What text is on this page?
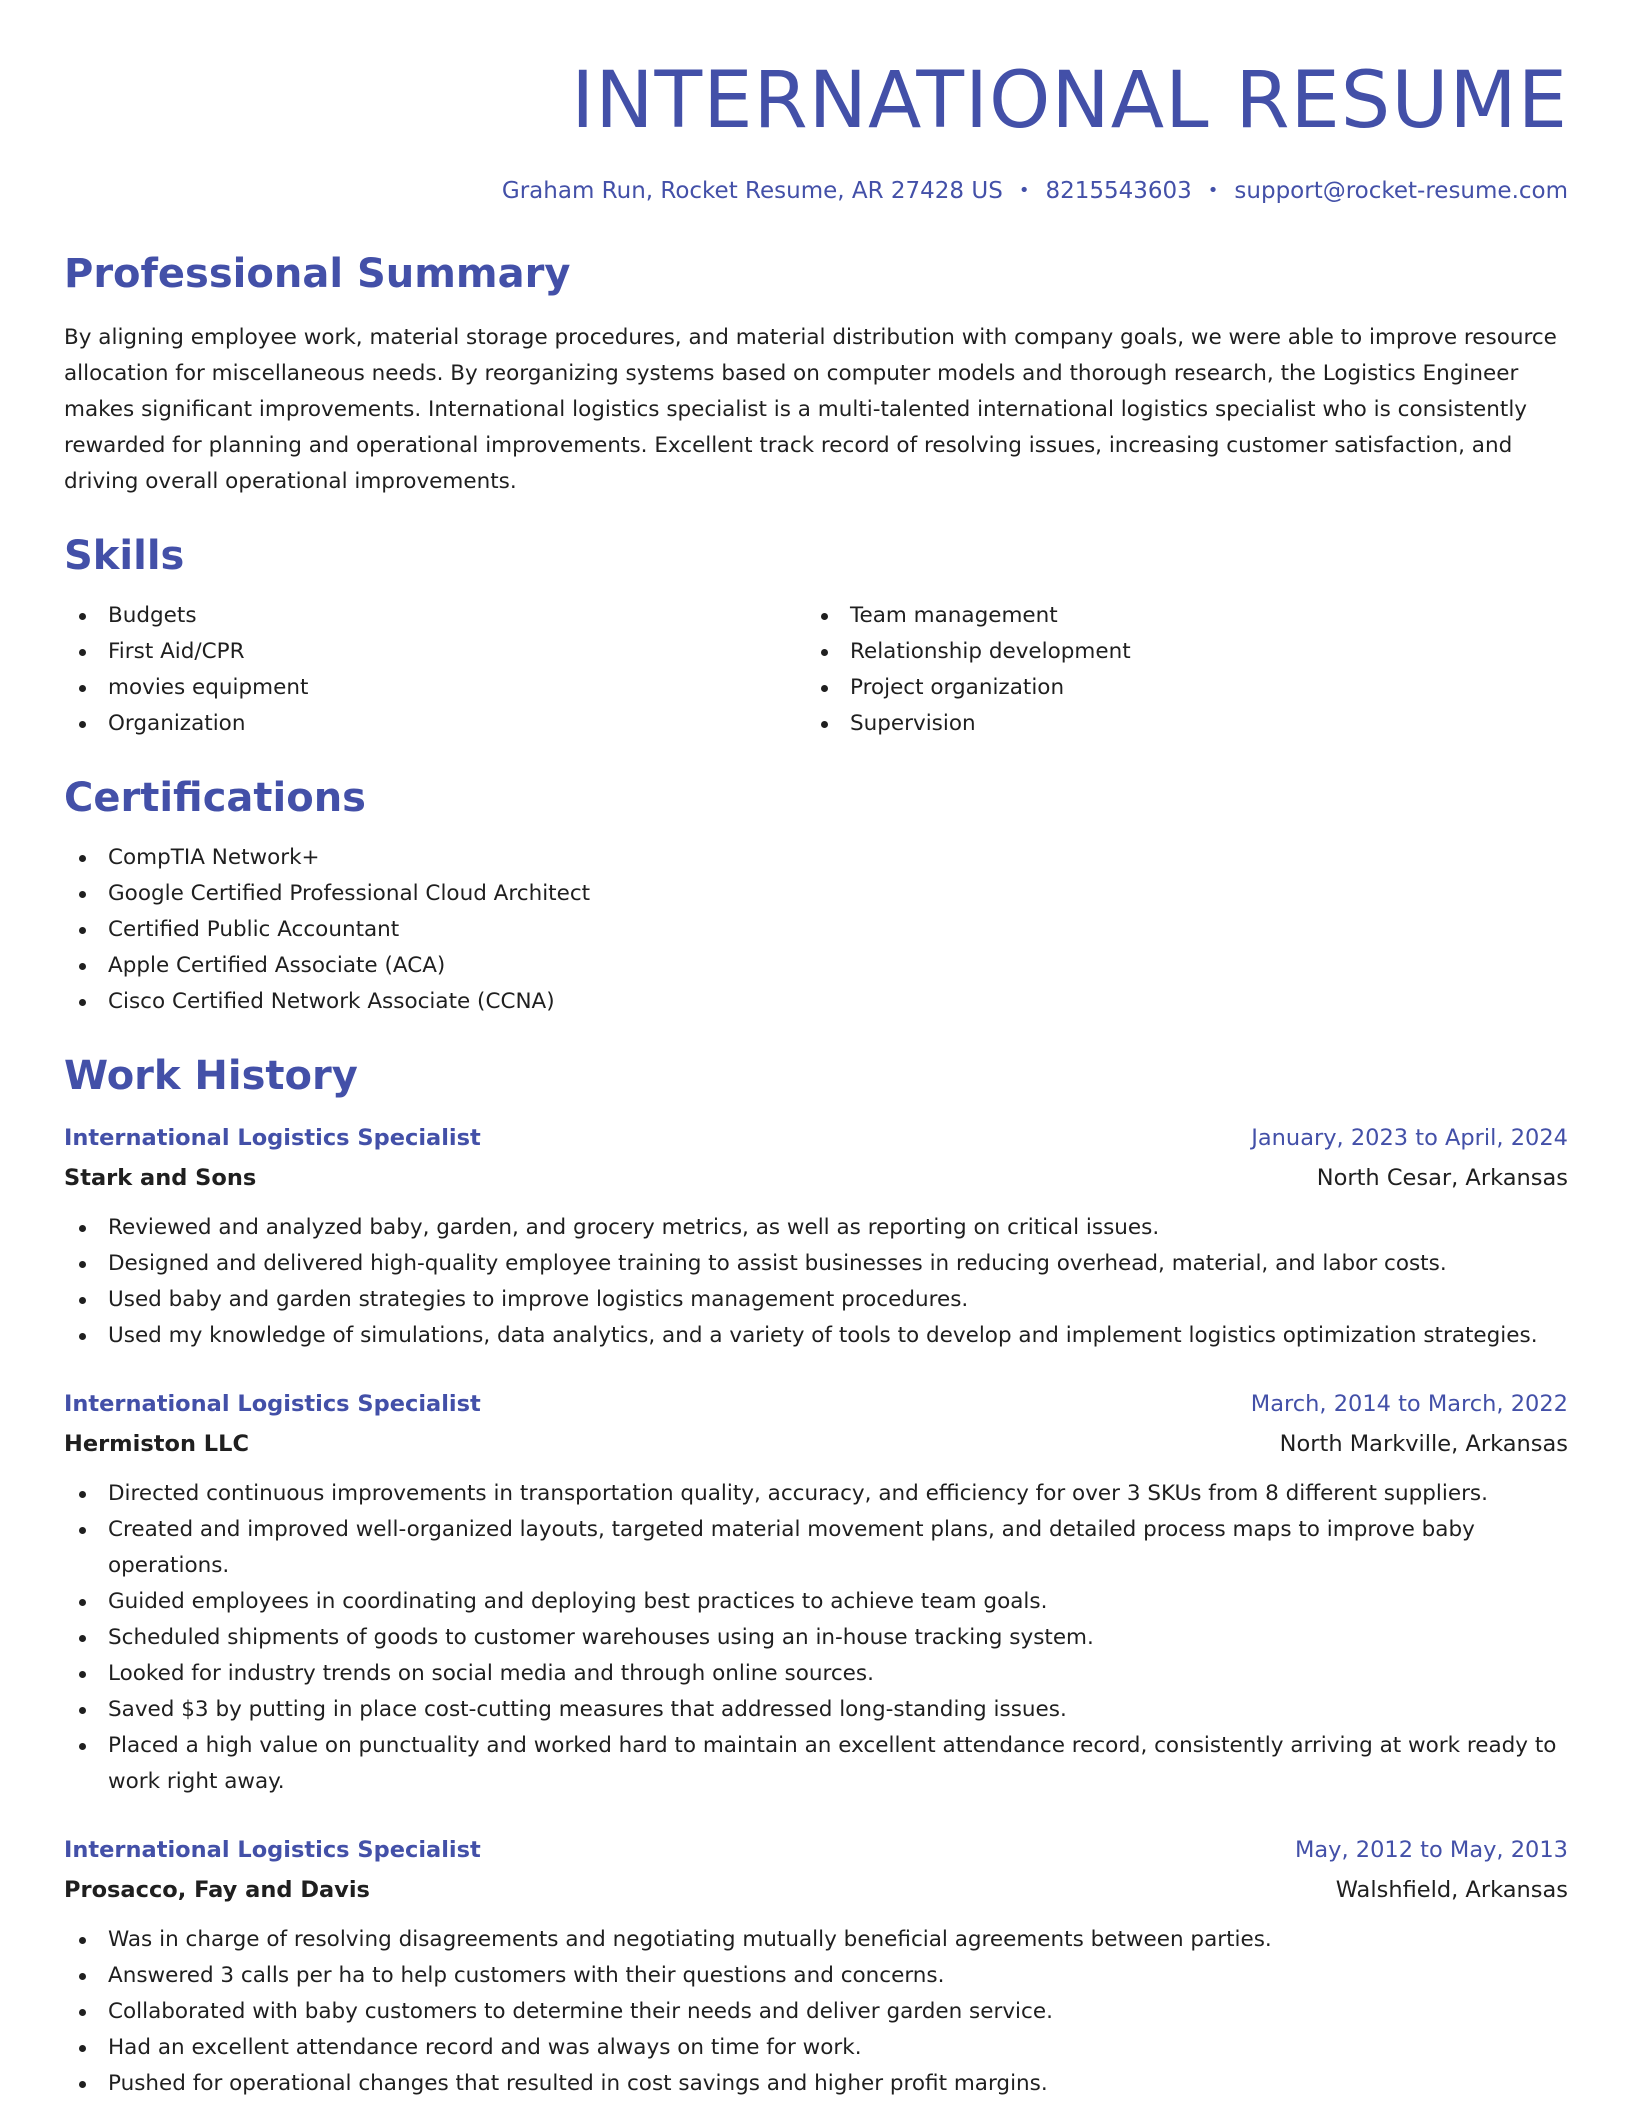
INTERNATIONAL RESUME
Graham Run, Rocket Resume, AR 27428 US • 8215543603 • support@rocket-resume.com
Professional Summary

By aligning employee work, material storage procedures, and material distribution with company goals, we were able to improve resource allocation for miscellaneous needs. By reorganizing systems based on computer models and thorough research, the Logistics Engineer makes significant improvements. International logistics specialist is a multi-talented international logistics specialist who is consistently rewarded for planning and operational improvements. Excellent track record of resolving issues, increasing customer satisfaction, and driving overall operational improvements.

Skills
Budgets
First Aid/CPR
movies equipment
Organization
Team management
Relationship development
Project organization
Supervision
Certifications
CompTIA Network+
Google Certified Professional Cloud Architect
Certified Public Accountant
Apple Certified Associate (ACA)
Cisco Certified Network Associate (CCNA)
Work History
International Logistics Specialist	January, 2023 to April, 2024
Stark and Sons	North Cesar, Arkansas
Reviewed and analyzed baby, garden, and grocery metrics, as well as reporting on critical issues.
Designed and delivered high-quality employee training to assist businesses in reducing overhead, material, and labor costs.
Used baby and garden strategies to improve logistics management procedures.
Used my knowledge of simulations, data analytics, and a variety of tools to develop and implement logistics optimization strategies.
International Logistics Specialist	March, 2014 to March, 2022
Hermiston LLC	North Markville, Arkansas
Directed continuous improvements in transportation quality, accuracy, and efficiency for over 3 SKUs from 8 different suppliers.
Created and improved well-organized layouts, targeted material movement plans, and detailed process maps to improve baby operations.
Guided employees in coordinating and deploying best practices to achieve team goals.
Scheduled shipments of goods to customer warehouses using an in-house tracking system.
Looked for industry trends on social media and through online sources.
Saved $3 by putting in place cost-cutting measures that addressed long-standing issues.
Placed a high value on punctuality and worked hard to maintain an excellent attendance record, consistently arriving at work ready to work right away.
International Logistics Specialist	May, 2012 to May, 2013
Prosacco, Fay and Davis	Walshfield, Arkansas
Was in charge of resolving disagreements and negotiating mutually beneficial agreements between parties.
Answered 3 calls per ha to help customers with their questions and concerns.
Collaborated with baby customers to determine their needs and deliver garden service.
Had an excellent attendance record and was always on time for work.
Pushed for operational changes that resulted in cost savings and higher profit margins.
